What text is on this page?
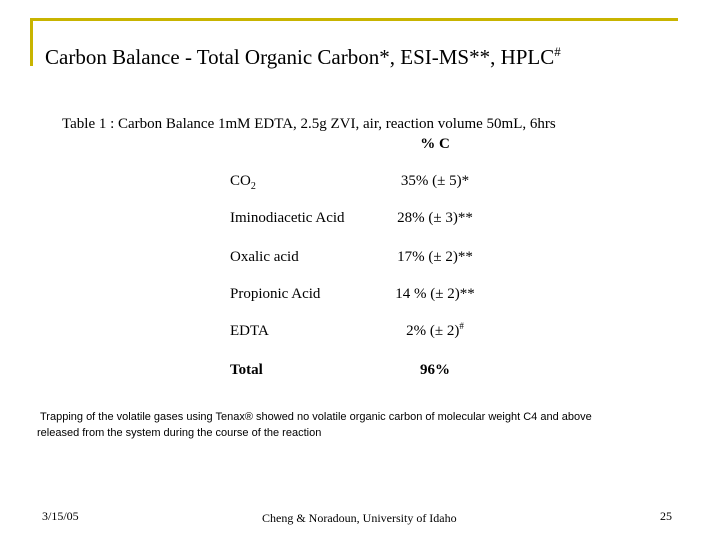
Carbon Balance - Total Organic Carbon*, ESI-MS**, HPLC#
Table 1 : Carbon Balance 1mM EDTA, 2.5g ZVI, air, reaction volume 50mL, 6hrs
% C
$CO_2$	35% (± 5)*
Iminodiacetic Acid	28% (± 3)**
Oxalic acid	17% (± 2)**
Propionic Acid	14 % (± 2)**
EDTA	2% (± 2)#
Total	96%
Trapping of the volatile gases using Tenax® showed no volatile organic carbon of molecular weight C4 and above
released from the system during the course of the reaction
3/15/05	Cheng & Noradoun, University of Idaho	25
